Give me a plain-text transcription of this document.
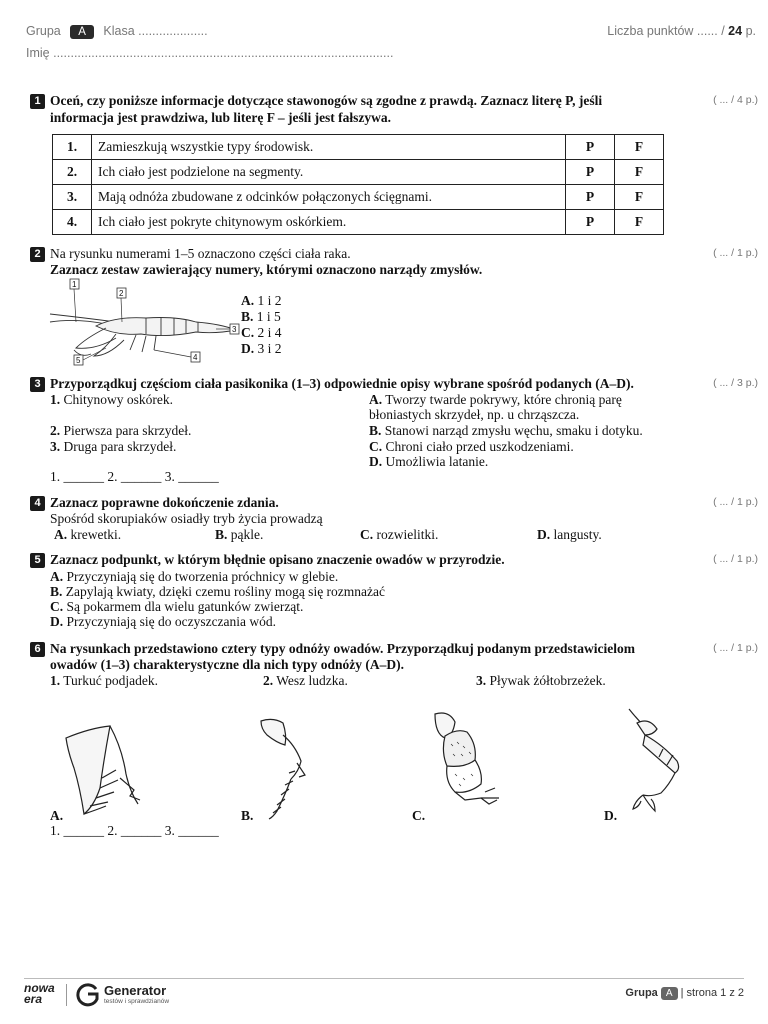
Grupa A Klasa ....................
Imię ..................................................................................................
Liczba punktów ...... / 24 p.
1 Oceń, czy poniższe informacje dotyczące stawonogów są zgodne z prawdą. Zaznacz literę P, jeśli
informacja jest prawdziwa, lub literę F – jeśli jest fałszywa.
( ... / 4 p.)
1.	Zamieszkują wszystkie typy środowisk.	P	F
2.	Ich ciało jest podzielone na segmenty.	P	F
3.	Mają odnóża zbudowane z odcinków połączonych ścięgnami.	P	F
4.	Ich ciało jest pokryte chitynowym oskórkiem.	P	F
2 Na rysunku numerami 1–5 oznaczono części ciała raka.
Zaznacz zestaw zawierający numery, którymi oznaczono narządy zmysłów.
( ... / 1 p.)
1
2
3
4
5
A. 1 i 2
B. 1 i 5
C. 2 i 4
D. 3 i 2
3 Przyporządkuj częściom ciała pasikonika (1–3) odpowiednie opisy wybrane spośród podanych (A–D).	( ... / 3 p.)
1. Chitynowy oskórek.
2. Pierwsza para skrzydeł.
3. Druga para skrzydeł.
A. Tworzy twarde pokrywy, które chronią parę
błoniastych skrzydeł, np. u chrząszcza.
B. Stanowi narząd zmysłu węchu, smaku i dotyku.
C. Chroni ciało przed uszkodzeniami.
D. Umożliwia latanie.
1. ______ 2. ______ 3. ______
4 Zaznacz poprawne dokończenie zdania.	( ... / 1 p.)
Spośród skorupiaków osiadły tryb życia prowadzą
A. krewetki.	B. pąkle.	C. rozwielitki.	D. langusty.
5 Zaznacz podpunkt, w którym błędnie opisano znaczenie owadów w przyrodzie.	( ... / 1 p.)
A. Przyczyniają się do tworzenia próchnicy w glebie.
B. Zapylają kwiaty, dzięki czemu rośliny mogą się rozmnażać
C. Są pokarmem dla wielu gatunków zwierząt.
D. Przyczyniają się do oczyszczania wód.
6 Na rysunkach przedstawiono cztery typy odnóży owadów. Przyporządkuj podanym przedstawicielom
owadów (1–3) charakterystyczne dla nich typy odnóży (A–D).
( ... / 1 p.)
1. Turkuć podjadek.	2. Wesz ludzka.	3. Pływak żółtobrzeżek.
A.	B.	C.	D.
1. ______ 2. ______ 3. ______
nowa
era
Generator
testów i sprawdzianów
Grupa A | strona 1 z 2
